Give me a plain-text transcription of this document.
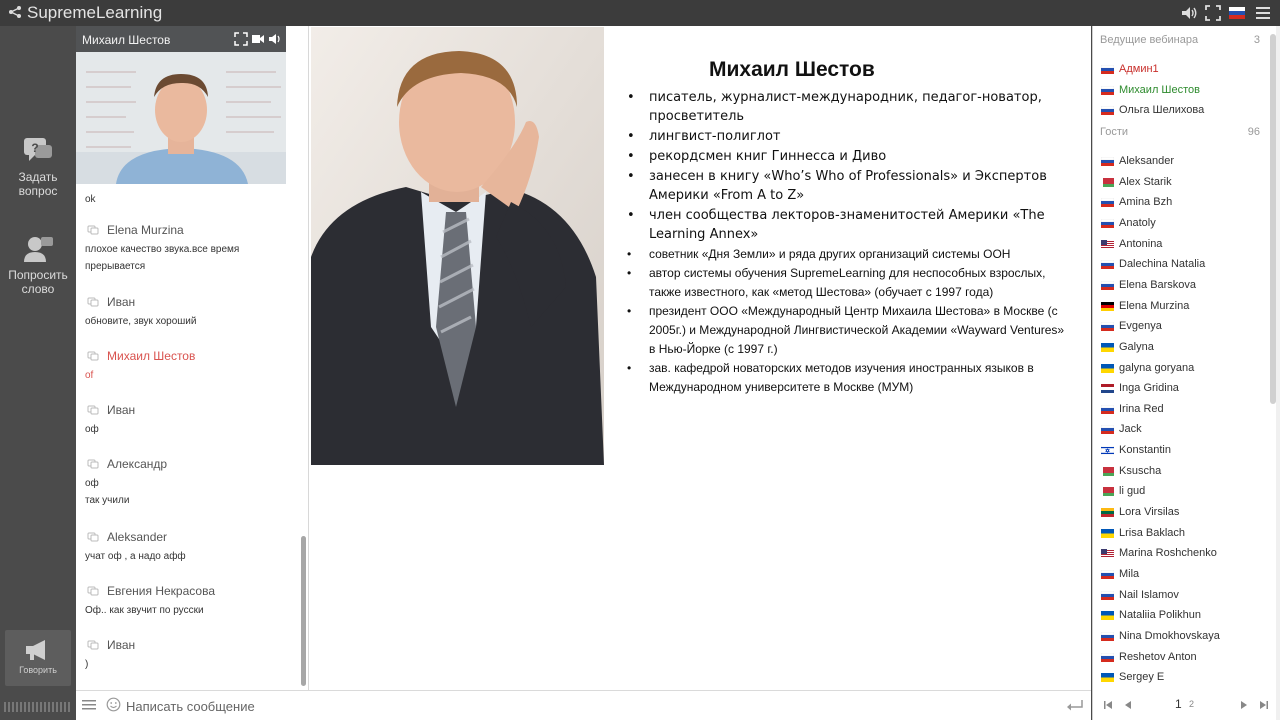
SupremeLearning
?
Задать вопрос
Попросить слово
Говорить
Михаил Шестов
ok
Elena Murzina
плохое качество звука.все время
прерывается
Иван
обновите, звук хороший
Михаил Шестов
of
Иван
оф
Александр
оф
так учили
Aleksander
учат оф , а надо афф
Евгения Некрасова
Оф.. как звучит по русски
Иван
)
Михаил Шестов
• писатель, журналист-международник, педагог-новатор, просветитель
• лингвист-полиглот
• рекордсмен книг Гиннесса и Диво
• занесен в книгу «Who’s Who of Professionals» и Экспертов Америки «From A to Z»
• член сообщества лекторов-знаменитостей Америки «The Learning Annex»
• советник «Дня Земли» и ряда других организаций системы ООН
• автор системы обучения SupremeLearning для неспособных взрослых, также известного, как «метод Шестова» (обучает с 1997 года)
• президент ООО «Международный Центр Михаила Шестова» в Москве (с 2005г.) и Международной Лингвистической Академии «Wayward Ventures» в Нью-Йорке (с 1997 г.)
• зав. кафедрой новаторских методов изучения иностранных языков в Международном университете в Москве (МУМ)
Написать сообщение
Ведущие вебинара	3
Гости	96
Админ1
Михаил Шестов
Ольга Шелихова
Aleksander
Alex Starik
Amina Bzh
Anatoly
Antonina
Dalechina Natalia
Elena Barskova
Elena Murzina
Evgenya
Galyna
galyna goryana
Inga Gridina
Irina Red
Jack
Konstantin
Ksuscha
li gud
Lora Virsilas
Lrisa Baklach
Marina Roshchenko
Mila
Nail Islamov
Nataliia Polikhun
Nina Dmokhovskaya
Reshetov Anton
Sergey E
1 2
